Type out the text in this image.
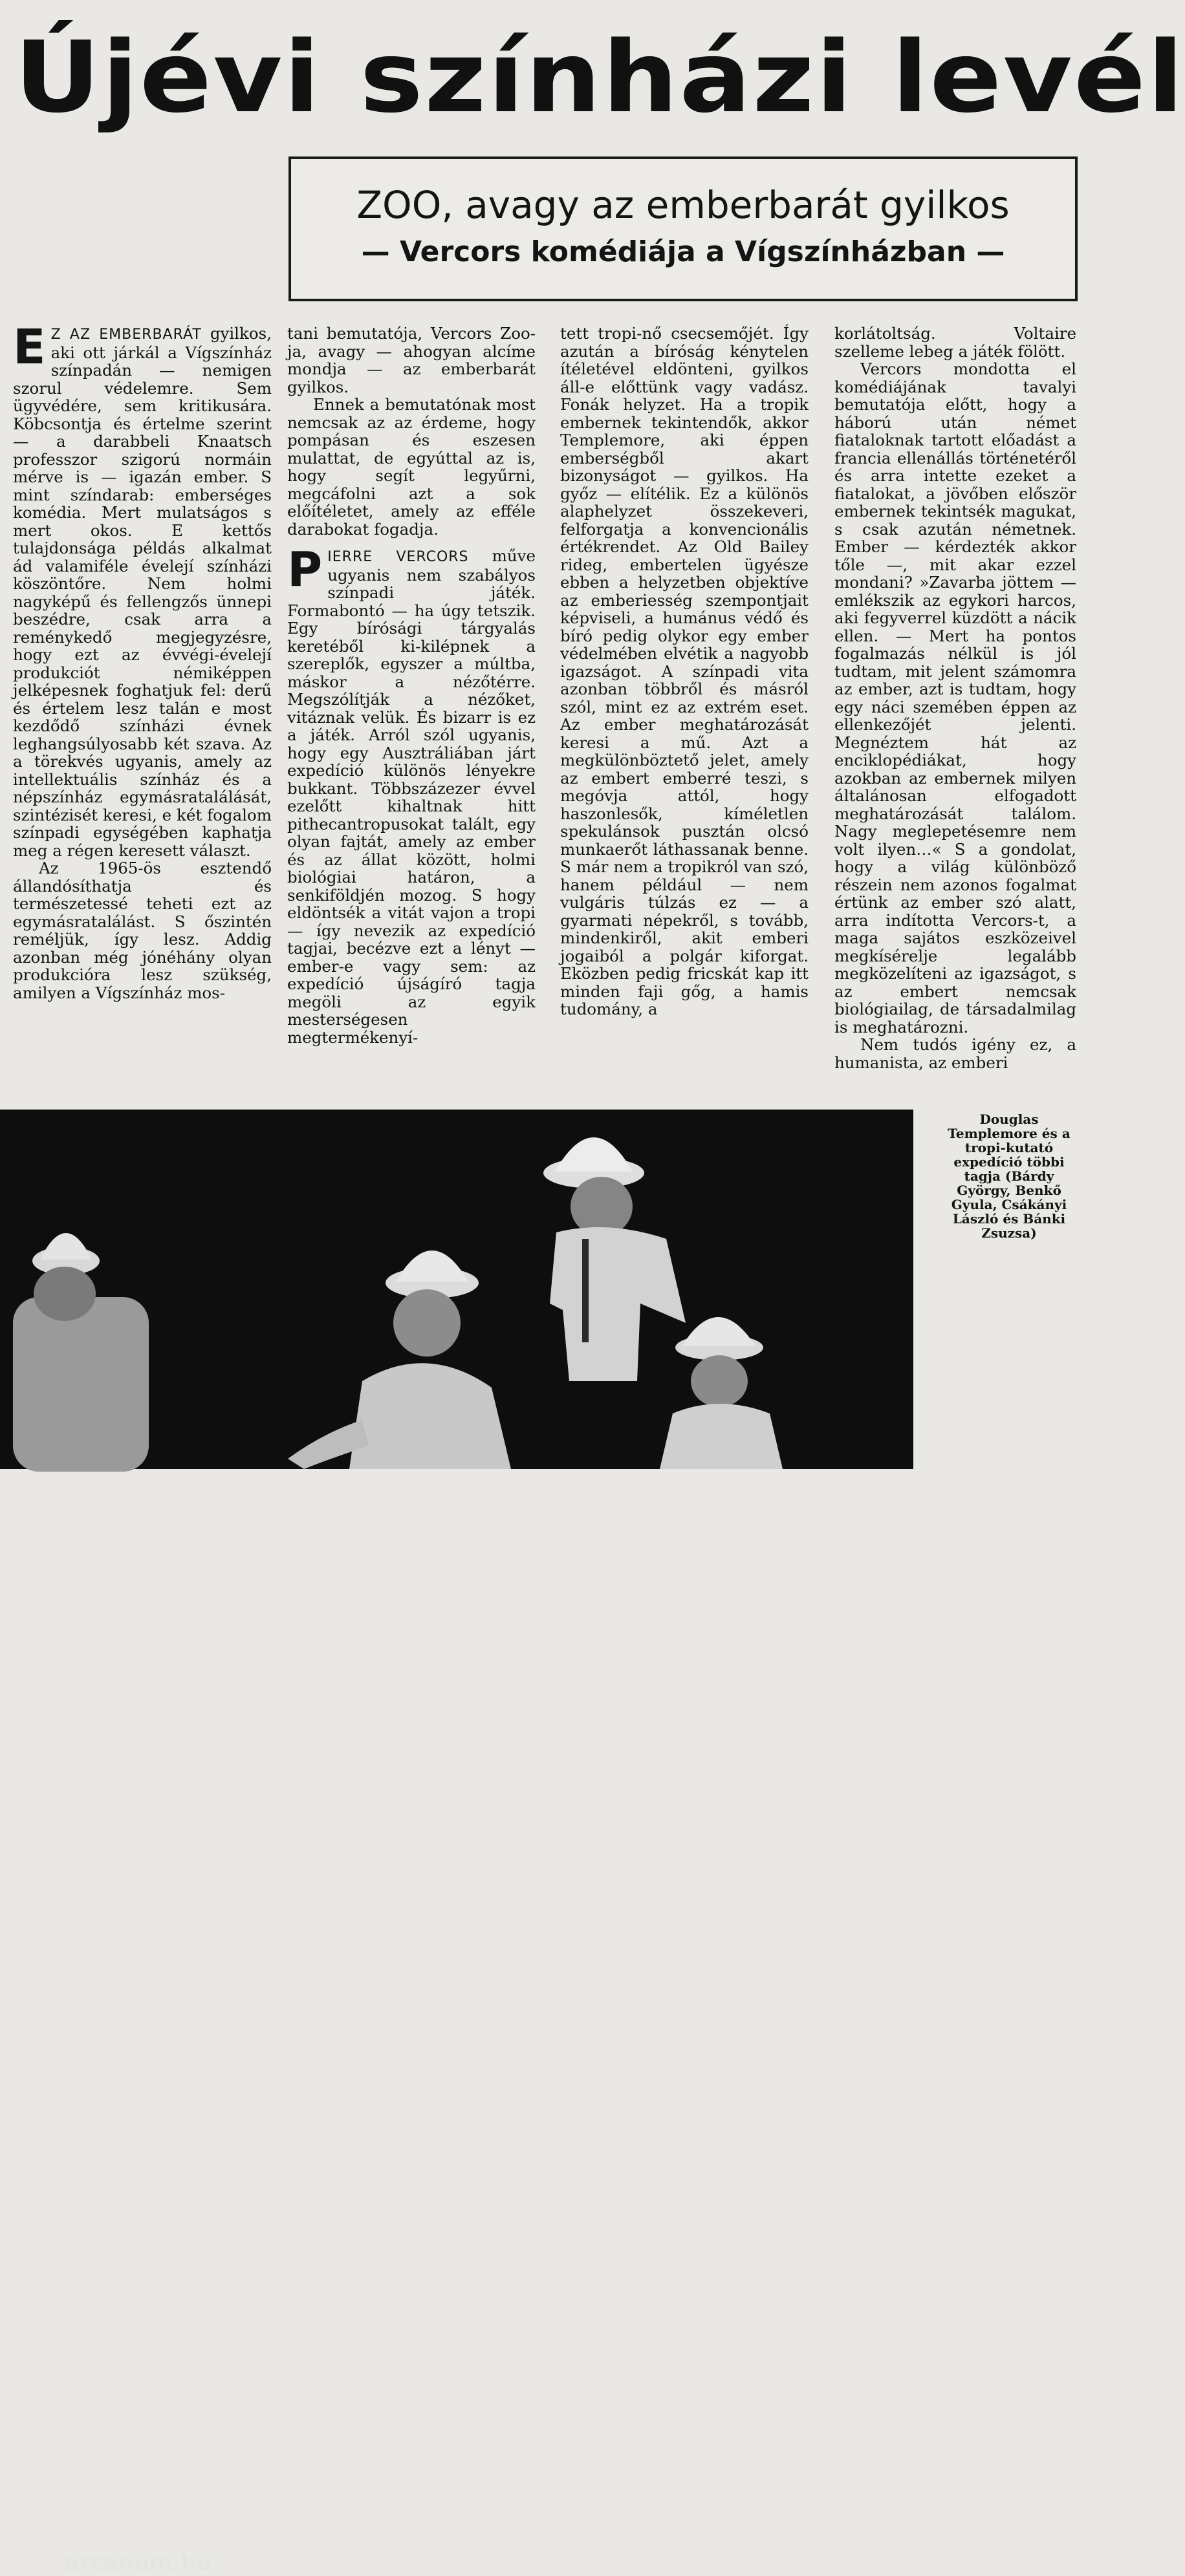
Újévi színházi levél
ZOO, avagy az emberbarát gyilkos
— Vercors komédiája a Vígszínházban —

E Z AZ EMBERBARÁT gyilkos, aki ott járkál a Vígszínház színpadán — nemigen szorul védelemre. Sem ügyvédére, sem kritikusára. Köbcsontja és értelme szerint — a darabbeli Knaatsch professzor szigorú normáin mérve is — igazán ember. S mint színdarab: emberséges komédia. Mert mulatságos s mert okos. E kettős tulajdonsága példás alkalmat ád valamiféle évelejí színházi köszöntőre. Nem holmi nagyképű és fellengzős ünnepi beszédre, csak arra a reménykedő megjegyzésre, hogy ezt az évvégi-évelejí produkciót némiképpen jelképesnek foghatjuk fel: derű és értelem lesz talán e most kezdődő színházi évnek leghangsúlyosabb két szava. Az a törekvés ugyanis, amely az intellektuális színház és a népszínház egymásratalálását, szintézisét keresi, e két fogalom színpadi egységében kaphatja meg a régen keresett választ.

Az 1965-ös esztendő állandósíthatja és természetessé teheti ezt az egymásratalálást. S őszintén reméljük, így lesz. Addig azonban még jónéhány olyan produkcióra lesz szükség, amilyen a Vígszínház mos-

tani bemutatója, Vercors Zoo-ja, avagy — ahogyan alcíme mondja — az emberbarát gyilkos.

Ennek a bemutatónak most nemcsak az az érdeme, hogy pompásan és eszesen mulattat, de egyúttal az is, hogy segít legyűrni, megcáfolni azt a sok előítéletet, amely az efféle darabokat fogadja.

PIERRE VERCORS műve ugyanis nem szabályos színpadi játék. Formabontó — ha úgy tetszik. Egy bírósági tárgyalás keretéből ki-kilépnek a szereplők, egyszer a múltba, máskor a nézőtérre. Megszólítják a nézőket, vitáznak velük. És bizarr is ez a játék. Arról szól ugyanis, hogy egy Ausztráliában járt expedíció különös lényekre bukkant. Többszázezer évvel ezelőtt kihaltnak hitt pithecantropusokat talált, egy olyan fajtát, amely az ember és az állat között, holmi biológiai határon, a senkiföldjén mozog. S hogy eldöntsék a vitát vajon a tropi — így nevezik az expedíció tagjai, becézve ezt a lényt — ember-e vagy sem: az expedíció újságíró tagja megöli az egyik mesterségesen megtermékenyí-

tett tropi-nő csecsemőjét. Így azután a bíróság kénytelen ítéletével eldönteni, gyilkos áll-e előttünk vagy vadász. Fonák helyzet. Ha a tropik embernek tekintendők, akkor Templemore, aki éppen emberségből akart bizonyságot — gyilkos. Ha győz — elítélik. Ez a különös alaphelyzet összekeveri, felforgatja a konvencionális értékrendet. Az Old Bailey rideg, embertelen ügyésze ebben a helyzetben objektíve az emberiesség szempontjait képviseli, a humánus védő és bíró pedig olykor egy ember védelmében elvétik a nagyobb igazságot. A színpadi vita azonban többről és másról szól, mint ez az extrém eset. Az ember meghatározását keresi a mű. Azt a megkülönböztető jelet, amely az embert emberré teszi, s megóvja attól, hogy haszonlesők, kíméletlen spekulánsok pusztán olcsó munkaerőt láthassanak benne. S már nem a tropikról van szó, hanem például — nem vulgáris túlzás ez — a gyarmati népekről, s tovább, mindenkiről, akit emberi jogaiból a polgár kiforgat. Eközben pedig fricskát kap itt minden faji gőg, a hamis tudomány, a

korlátoltság. Voltaire szelleme lebeg a játék fölött.

Vercors mondotta el komédiájának tavalyi bemutatója előtt, hogy a háború után német fiataloknak tartott előadást a francia ellenállás történetéről és arra intette ezeket a fiatalokat, a jövőben először embernek tekintsék magukat, s csak azután németnek. Ember — kérdezték akkor tőle —, mit akar ezzel mondani? »Zavarba jöttem — emlékszik az egykori harcos, aki fegyverrel küzdött a nácik ellen. — Mert ha pontos fogalmazás nélkül is jól tudtam, mit jelent számomra az ember, azt is tudtam, hogy egy náci szemében éppen az ellenkezőjét jelenti. Megnéztem hát az enciklopédiákat, hogy azokban az embernek milyen általánosan elfogadott meghatározását találom. Nagy meglepetésemre nem volt ilyen…« S a gondolat, hogy a világ különböző részein nem azonos fogalmat értünk az ember szó alatt, arra indította Vercors-t, a maga sajátos eszközeivel megkísérelje legalább megközelíteni az igazságot, s az embert nemcsak biológiailag, de társadalmilag is meghatározni.

Nem tudós igény ez, a humanista, az emberi

arcanum.hu
Douglas Templemore és a tropi-kutató expedíció többi tagja (Bárdy György, Benkő Gyula, Csákányi László és Bánki Zsuzsa)
